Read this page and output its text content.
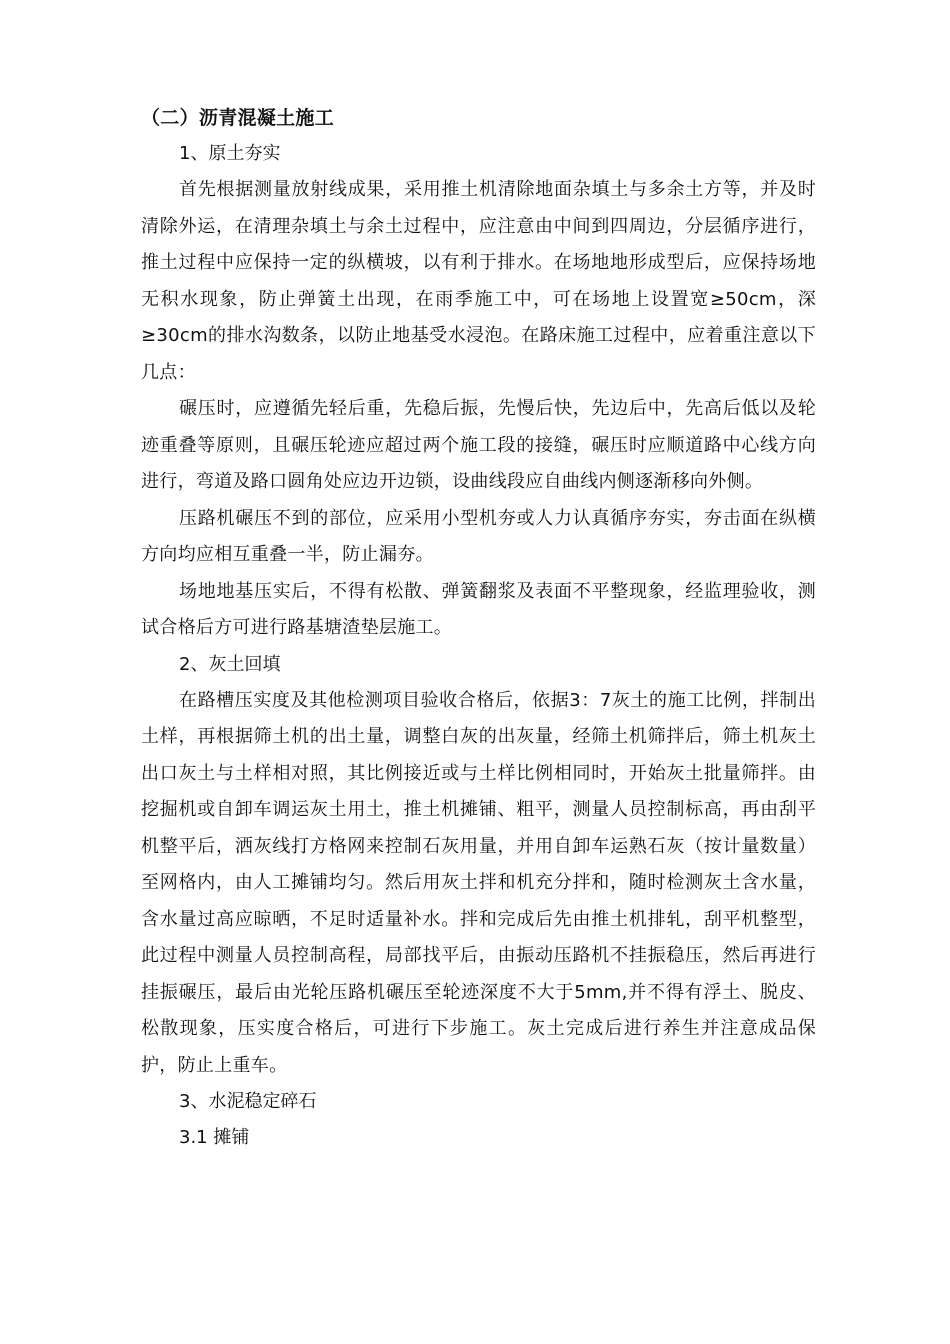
（二）沥青混凝土施工

1、原土夯实

首先根据测量放射线成果，采用推土机清除地面杂填土与多余土方等，并及时清除外运，在清理杂填土与余土过程中，应注意由中间到四周边，分层循序进行，推土过程中应保持一定的纵横坡，以有利于排水。在场地地形成型后，应保持场地无积水现象，防止弹簧土出现，在雨季施工中，可在场地上设置宽≥50cm，深≥30cm的排水沟数条，以防止地基受水浸泡。在路床施工过程中，应着重注意以下几点：

碾压时，应遵循先轻后重，先稳后振，先慢后快，先边后中，先高后低以及轮迹重叠等原则，且碾压轮迹应超过两个施工段的接缝，碾压时应顺道路中心线方向进行，弯道及路口圆角处应边开边锁，设曲线段应自曲线内侧逐渐移向外侧。

压路机碾压不到的部位，应采用小型机夯或人力认真循序夯实，夯击面在纵横方向均应相互重叠一半，防止漏夯。

场地地基压实后，不得有松散、弹簧翻浆及表面不平整现象，经监理验收，测试合格后方可进行路基塘渣垫层施工。

2、灰土回填

在路槽压实度及其他检测项目验收合格后，依据3：7灰土的施工比例，拌制出土样，再根据筛土机的出土量，调整白灰的出灰量，经筛土机筛拌后，筛土机灰土出口灰土与土样相对照，其比例接近或与土样比例相同时，开始灰土批量筛拌。由挖掘机或自卸车调运灰土用土，推土机摊铺、粗平，测量人员控制标高，再由刮平机整平后，洒灰线打方格网来控制石灰用量，并用自卸车运熟石灰（按计量数量）至网格内，由人工摊铺均匀。然后用灰土拌和机充分拌和，随时检测灰土含水量，含水量过高应晾晒，不足时适量补水。拌和完成后先由推土机排轧，刮平机整型，此过程中测量人员控制高程，局部找平后，由振动压路机不挂振稳压，然后再进行挂振碾压，最后由光轮压路机碾压至轮迹深度不大于5mm,并不得有浮土、脱皮、松散现象，压实度合格后，可进行下步施工。灰土完成后进行养生并注意成品保护，防止上重车。

3、水泥稳定碎石

3.1 摊铺
